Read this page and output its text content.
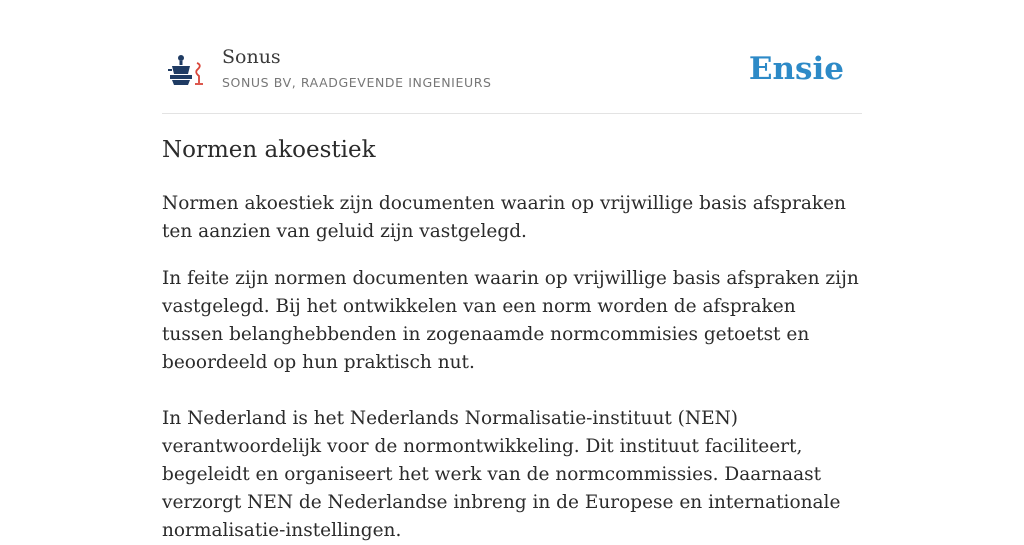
Sonus
SONUS BV, RAADGEVENDE INGENIEURS	Ensie
Normen akoestiek

Normen akoestiek zijn documenten waarin op vrijwillige basis afspraken ten aanzien van geluid zijn vastgelegd.

In feite zijn normen documenten waarin op vrijwillige basis afspraken zijn vastgelegd. Bij het ontwikkelen van een norm worden de afspraken tussen belanghebbenden in zogenaamde normcommisies getoetst en beoordeeld op hun praktisch nut.

In Nederland is het Nederlands Normalisatie-instituut (NEN) verantwoordelijk voor de normontwikkeling. Dit instituut faciliteert, begeleidt en organiseert het werk van de normcommissies. Daarnaast verzorgt NEN de Nederlandse inbreng in de Europese en internationale normalisatie-instellingen.
